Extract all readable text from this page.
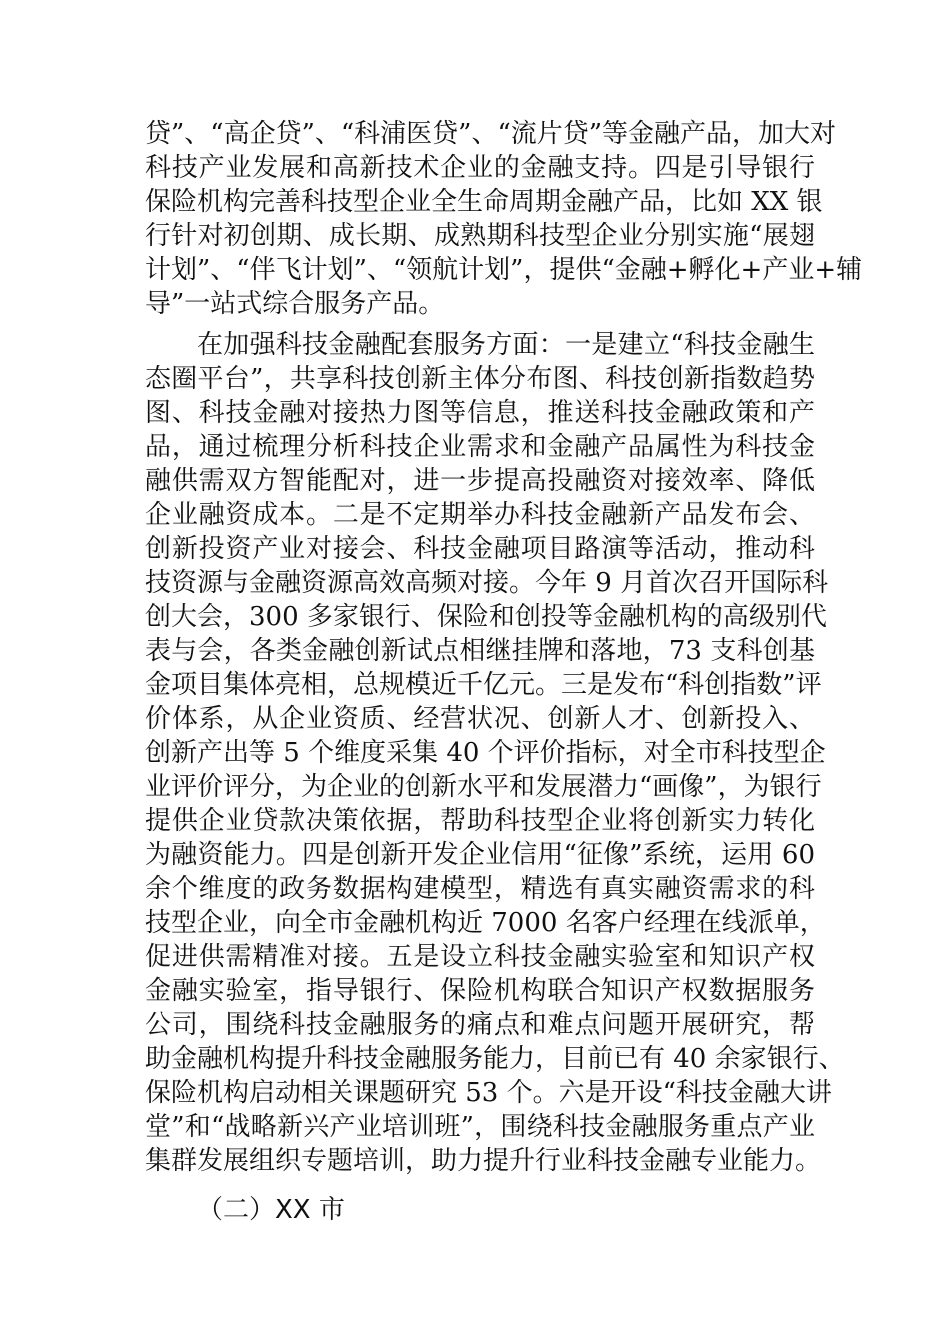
贷”、“高企贷”、“科浦医贷”、“流片贷”等金融产品，加大对
科技产业发展和高新技术企业的金融支持。四是引导银行
保险机构完善科技型企业全生命周期金融产品，比如 XX 银
行针对初创期、成长期、成熟期科技型企业分别实施“展翅
计划”、“伴飞计划”、“领航计划”，提供“金融+孵化+产业+辅
导”一站式综合服务产品。
在加强科技金融配套服务方面：一是建立“科技金融生
态圈平台”，共享科技创新主体分布图、科技创新指数趋势
图、科技金融对接热力图等信息，推送科技金融政策和产
品，通过梳理分析科技企业需求和金融产品属性为科技金
融供需双方智能配对，进一步提高投融资对接效率、降低
企业融资成本。二是不定期举办科技金融新产品发布会、
创新投资产业对接会、科技金融项目路演等活动，推动科
技资源与金融资源高效高频对接。今年 9 月首次召开国际科
创大会，300 多家银行、保险和创投等金融机构的高级别代
表与会，各类金融创新试点相继挂牌和落地，73 支科创基
金项目集体亮相，总规模近千亿元。三是发布“科创指数”评
价体系，从企业资质、经营状况、创新人才、创新投入、
创新产出等 5 个维度采集 40 个评价指标，对全市科技型企
业评价评分，为企业的创新水平和发展潜力“画像”，为银行
提供企业贷款决策依据，帮助科技型企业将创新实力转化
为融资能力。四是创新开发企业信用“征像”系统，运用 60
余个维度的政务数据构建模型，精选有真实融资需求的科
技型企业，向全市金融机构近 7000 名客户经理在线派单，
促进供需精准对接。五是设立科技金融实验室和知识产权
金融实验室，指导银行、保险机构联合知识产权数据服务
公司，围绕科技金融服务的痛点和难点问题开展研究，帮
助金融机构提升科技金融服务能力，目前已有 40 余家银行、
保险机构启动相关课题研究 53 个。六是开设“科技金融大讲
堂”和“战略新兴产业培训班”，围绕科技金融服务重点产业
集群发展组织专题培训，助力提升行业科技金融专业能力。
（二）XX 市
